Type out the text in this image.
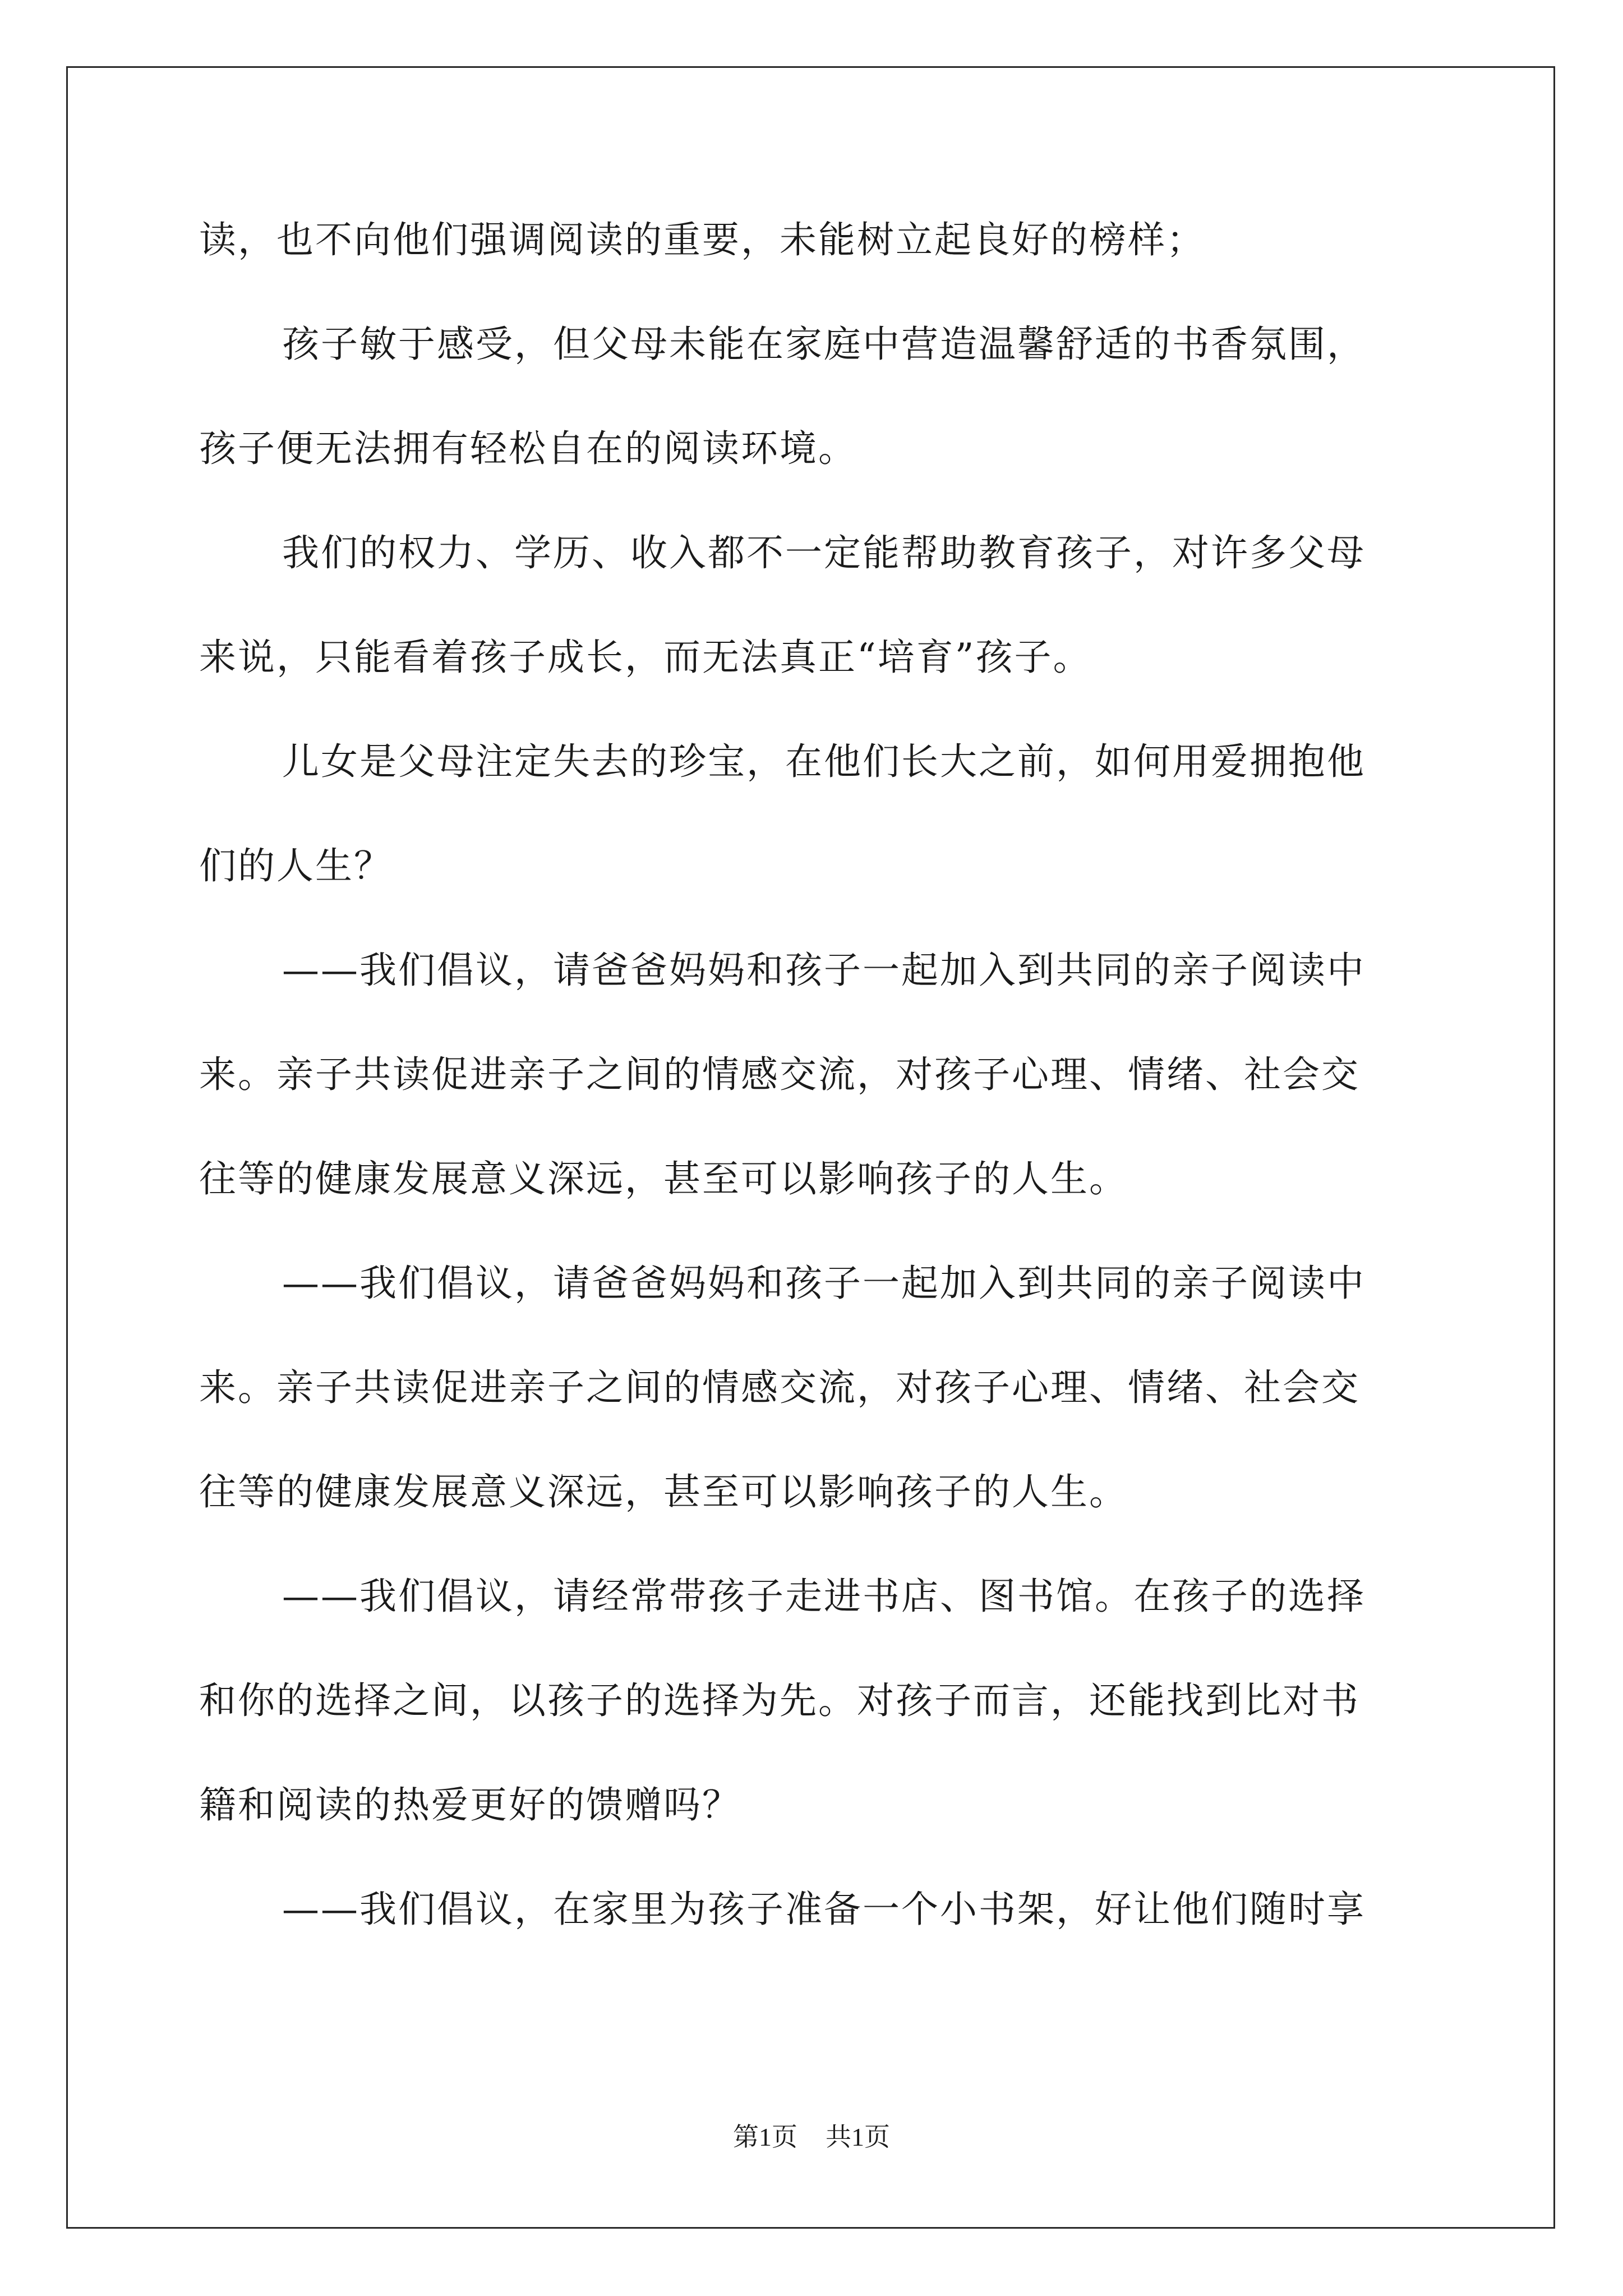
读，也不向他们强调阅读的重要，未能树立起良好的榜样；
孩子敏于感受，但父母未能在家庭中营造温馨舒适的书香氛围，
孩子便无法拥有轻松自在的阅读环境。
我们的权力、学历、收入都不一定能帮助教育孩子，对许多父母
来说，只能看着孩子成长，而无法真正“培育”孩子。
儿女是父母注定失去的珍宝，在他们长大之前，如何用爱拥抱他
们的人生？
——我们倡议，请爸爸妈妈和孩子一起加入到共同的亲子阅读中
来。亲子共读促进亲子之间的情感交流，对孩子心理、情绪、社会交
往等的健康发展意义深远，甚至可以影响孩子的人生。
——我们倡议，请爸爸妈妈和孩子一起加入到共同的亲子阅读中
来。亲子共读促进亲子之间的情感交流，对孩子心理、情绪、社会交
往等的健康发展意义深远，甚至可以影响孩子的人生。
——我们倡议，请经常带孩子走进书店、图书馆。在孩子的选择
和你的选择之间，以孩子的选择为先。对孩子而言，还能找到比对书
籍和阅读的热爱更好的馈赠吗？
——我们倡议，在家里为孩子准备一个小书架，好让他们随时享
第1页 共1页
